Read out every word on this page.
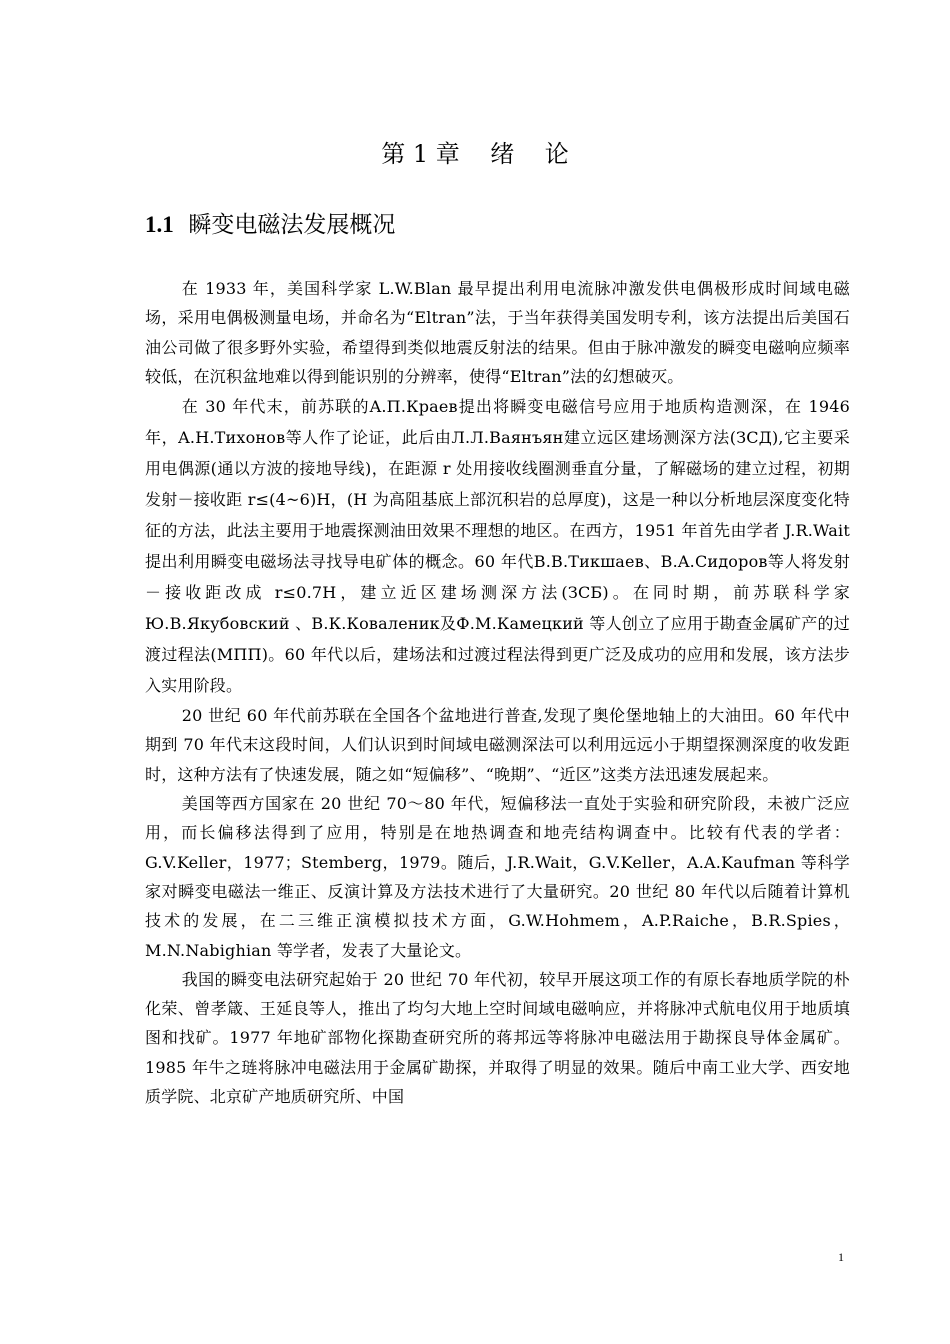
第 1 章    绪    论
1.1 瞬变电磁法发展概况

在 1933 年，美国科学家 L.W.Blan 最早提出利用电流脉冲激发供电偶极形成时间域电磁场，采用电偶极测量电场，并命名为“Eltran”法，于当年获得美国发明专利，该方法提出后美国石油公司做了很多野外实验，希望得到类似地震反射法的结果。但由于脉冲激发的瞬变电磁响应频率较低，在沉积盆地难以得到能识别的分辨率，使得“Eltran”法的幻想破灭。

在 30 年代末，前苏联的A.П.Краев提出将瞬变电磁信号应用于地质构造测深，在 1946 年，A.H.Тихонов等人作了论证，此后由Л.Л.Ваянъян建立远区建场测深方法(ЗСД),它主要采用电偶源(通以方波的接地导线)，在距源 r 处用接收线圈测垂直分量，了解磁场的建立过程，初期发射－接收距 r≤(4~6)H，(H 为高阻基底上部沉积岩的总厚度)，这是一种以分析地层深度变化特征的方法，此法主要用于地震探测油田效果不理想的地区。在西方，1951 年首先由学者 J.R.Wait 提出利用瞬变电磁场法寻找导电矿体的概念。60 年代B.B.Тикшаев、B.A.Сидоров等人将发射－接收距改成 r≤0.7H，建立近区建场测深方法(ЗСБ)。在同时期，前苏联科学家Ю.В.Якубовский 、В.К.Коваленик及Ф.М.Камецкий 等人创立了应用于勘查金属矿产的过渡过程法(МПП)。60 年代以后，建场法和过渡过程法得到更广泛及成功的应用和发展，该方法步入实用阶段。

20 世纪 60 年代前苏联在全国各个盆地进行普查,发现了奥伦堡地轴上的大油田。60 年代中期到 70 年代末这段时间，人们认识到时间域电磁测深法可以利用远远小于期望探测深度的收发距时，这种方法有了快速发展，随之如“短偏移”、“晚期”、“近区”这类方法迅速发展起来。

美国等西方国家在 20 世纪 70～80 年代，短偏移法一直处于实验和研究阶段，未被广泛应用，而长偏移法得到了应用，特别是在地热调查和地壳结构调查中。比较有代表的学者：G.V.Keller，1977；Stemberg，1979。随后，J.R.Wait，G.V.Keller，A.A.Kaufman 等科学家对瞬变电磁法一维正、反演计算及方法技术进行了大量研究。20 世纪 80 年代以后随着计算机技术的发展，在二三维正演模拟技术方面，G.W.Hohmem，A.P.Raiche，B.R.Spies，M.N.Nabighian 等学者，发表了大量论文。

我国的瞬变电法研究起始于 20 世纪 70 年代初，较早开展这项工作的有原长春地质学院的朴化荣、曾孝箴、王延良等人，推出了均匀大地上空时间域电磁响应，并将脉冲式航电仪用于地质填图和找矿。1977 年地矿部物化探勘查研究所的蒋邦远等将脉冲电磁法用于勘探良导体金属矿。1985 年牛之琏将脉冲电磁法用于金属矿勘探，并取得了明显的效果。随后中南工业大学、西安地质学院、北京矿产地质研究所、中国

1
